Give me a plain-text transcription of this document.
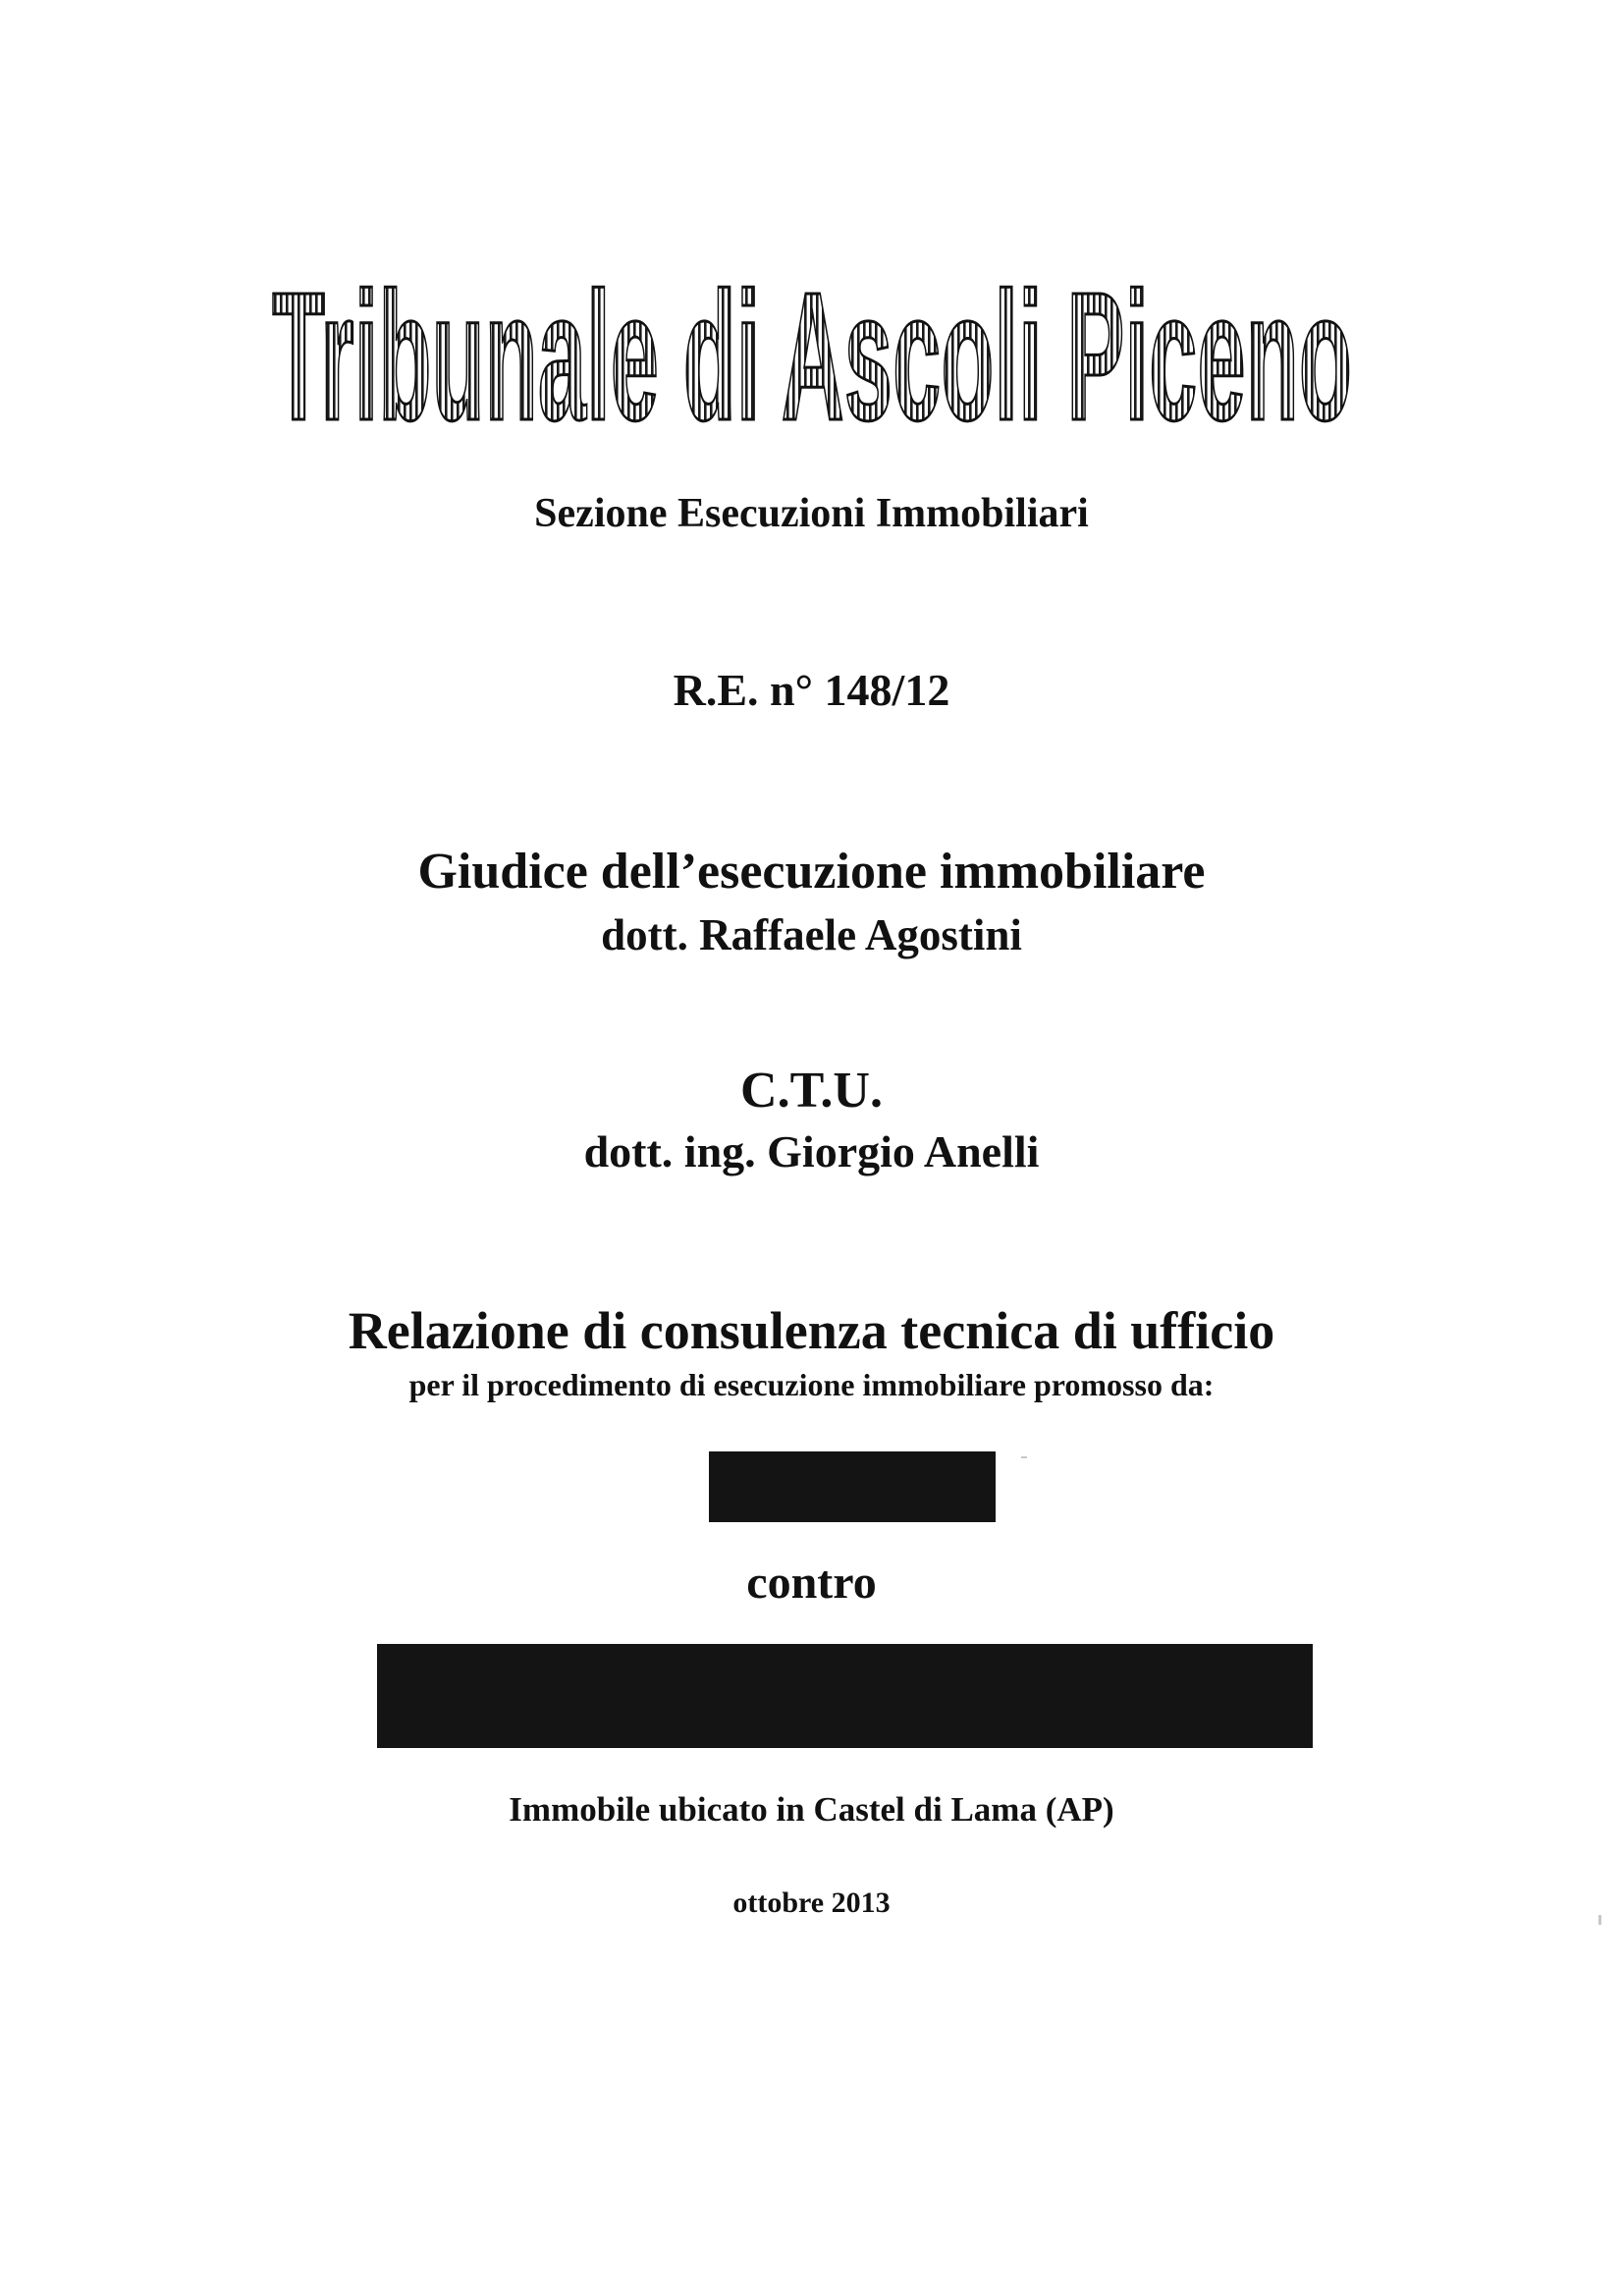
Tribunale di Ascoli Piceno
Sezione Esecuzioni Immobiliari
R.E. n° 148/12
Giudice dell’esecuzione immobiliare
dott. Raffaele Agostini
C.T.U.
dott. ing. Giorgio Anelli
Relazione di consulenza tecnica di ufficio
per il procedimento di esecuzione immobiliare promosso da:
contro
Immobile ubicato in Castel di Lama (AP)
ottobre 2013
